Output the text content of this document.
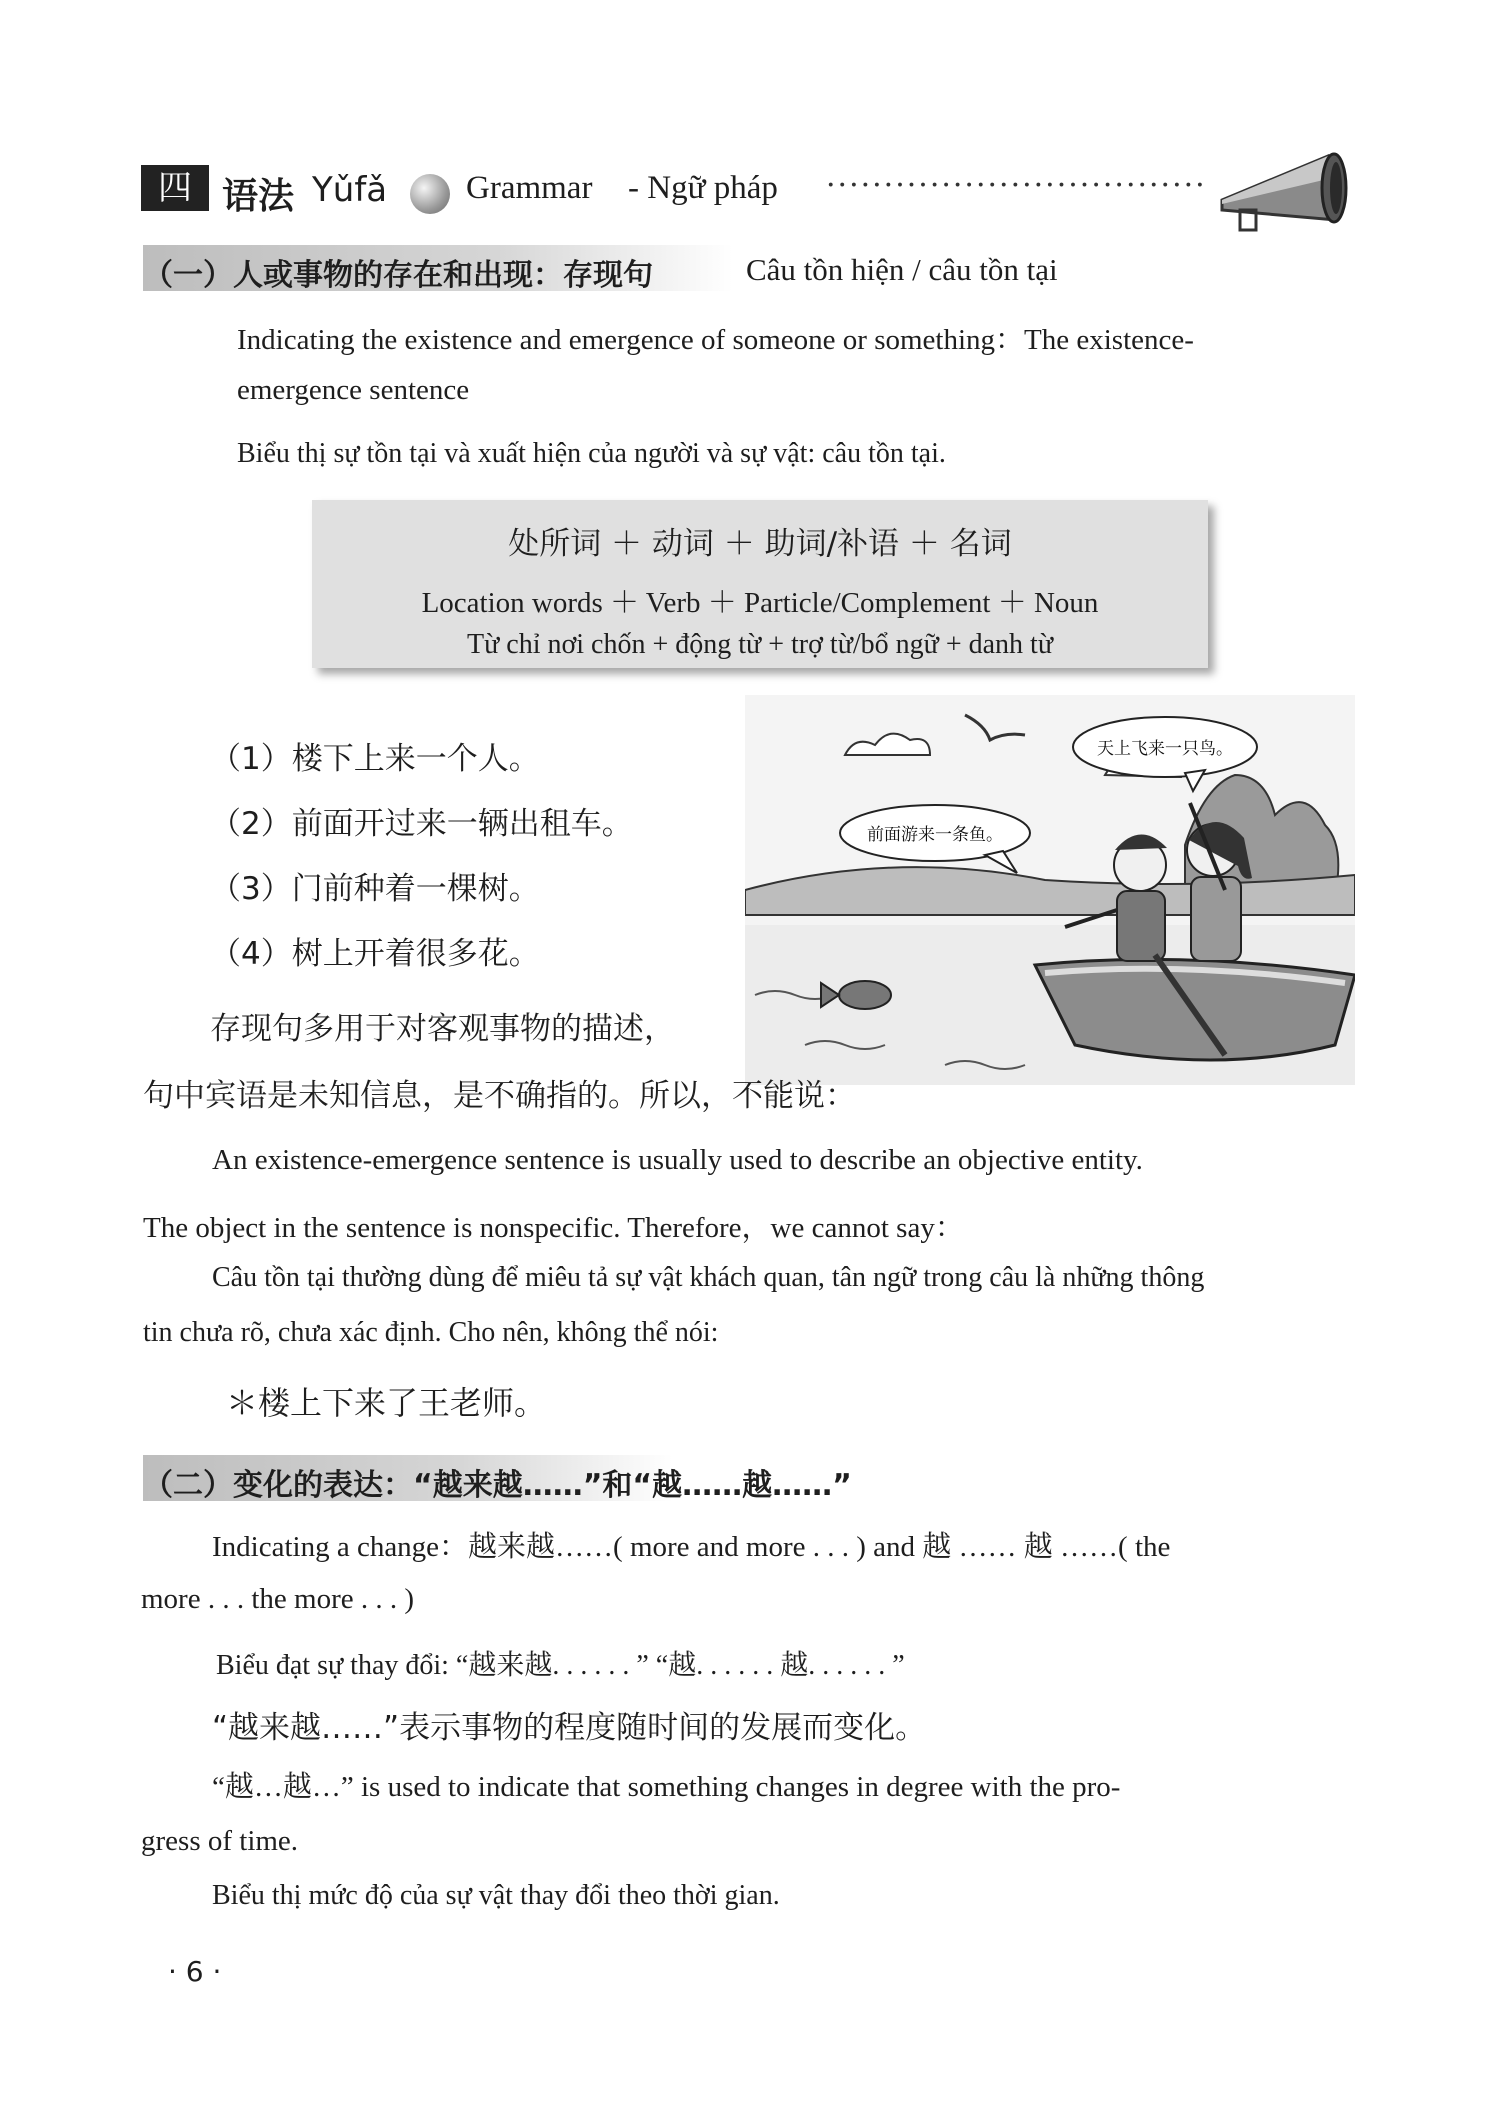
四 语法 Yǔfǎ Grammar - Ngữ pháp ·································
（一）人或事物的存在和出现：存现句	Câu tồn hiện / câu tồn tại
Indicating the existence and emergence of someone or something：The existence-
emergence sentence
Biểu thị sự tồn tại và xuất hiện của người và sự vật: câu tồn tại.
处所词 ＋ 动词 ＋ 助词/补语 ＋ 名词
Location words ＋ Verb ＋ Particle/Complement ＋ Noun
Từ chỉ nơi chốn + động từ + trợ từ/bổ ngữ + danh từ
（1）楼下上来一个人。
（2）前面开过来一辆出租车。
（3）门前种着一棵树。
（4）树上开着很多花。
天上飞来一只鸟。
前面游来一条鱼。
存现句多用于对客观事物的描述，
句中宾语是未知信息，是不确指的。所以，不能说：
An existence-emergence sentence is usually used to describe an objective entity.
The object in the sentence is nonspecific. Therefore，we cannot say：
Câu tồn tại thường dùng để miêu tả sự vật khách quan, tân ngữ trong câu là những thông
tin chưa rõ, chưa xác định. Cho nên, không thể nói:
＊楼上下来了王老师。
（二）变化的表达：“越来越……”和“越……越……”
Indicating a change：越来越……( more and more . . . ) and 越 …… 越 ……( the
more . . . the more . . . )
Biểu đạt sự thay đổi: “越来越. . . . . . ” “越. . . . . . 越. . . . . . ”
“越来越……”表示事物的程度随时间的发展而变化。
“越…越…” is used to indicate that something changes in degree with the pro-
gress of time.
Biểu thị mức độ của sự vật thay đổi theo thời gian.
· 6 ·
